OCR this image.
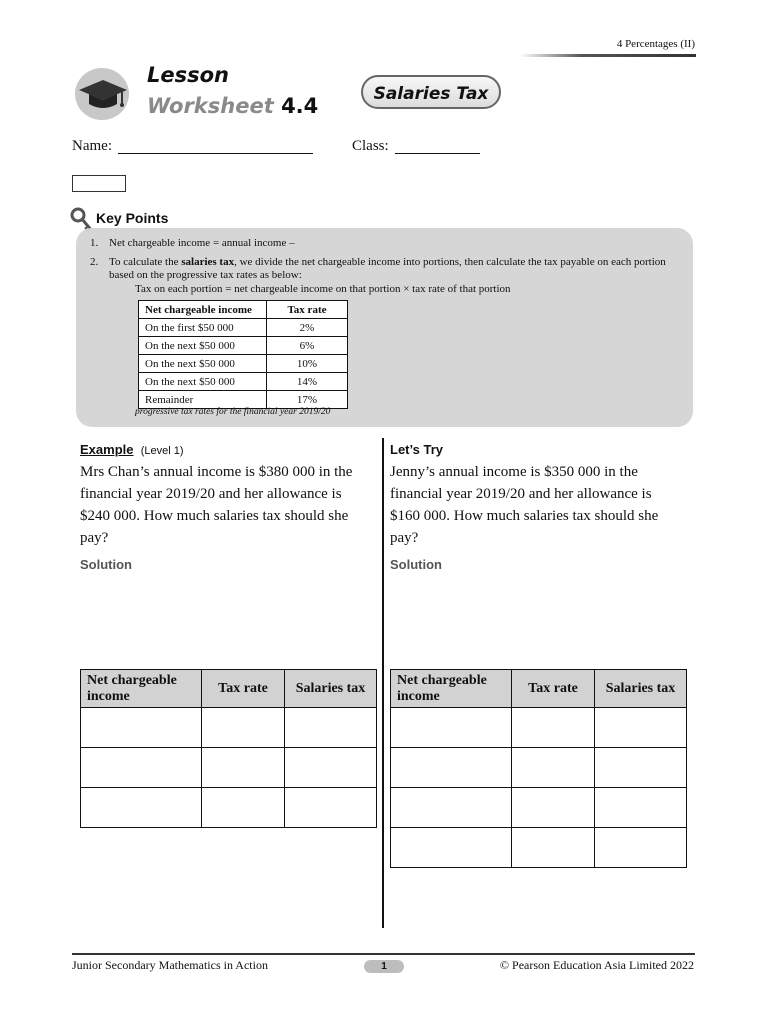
4 Percentages (II)
Lesson
Worksheet 4.4	Salaries Tax
Name:	Class:
Key Points
1. Net chargeable income = annual income –
2. To calculate the salaries tax, we divide the net chargeable income into portions, then calculate the tax payable on each portion based on the progressive tax rates as below:
Tax on each portion = net chargeable income on that portion × tax rate of that portion
Net chargeable income	Tax rate
On the first $50 000	2%
On the next $50 000	6%
On the next $50 000	10%
On the next $50 000	14%
Remainder	17%
progressive tax rates for the financial year 2019/20
Example (Level 1)
Mrs Chan’s annual income is $380 000 in the financial year 2019/20 and her allowance is $240 000. How much salaries tax should she pay?
Solution
Net chargeable income	Tax rate	Salaries tax

Let’s Try
Jenny’s annual income is $350 000 in the financial year 2019/20 and her allowance is $160 000. How much salaries tax should she pay?
Solution
Net chargeable income	Tax rate	Salaries tax

Junior Secondary Mathematics in Action	1	© Pearson Education Asia Limited 2022
